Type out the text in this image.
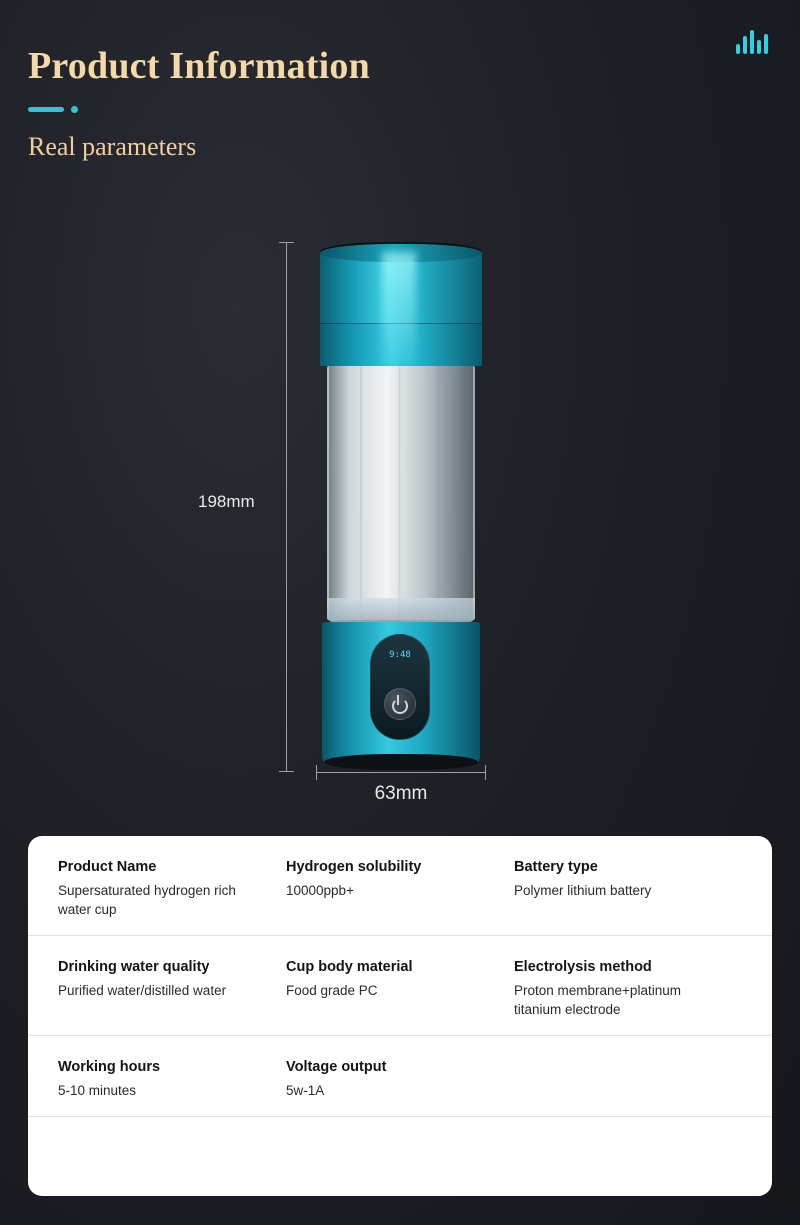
Product Information
Real parameters
198mm
9:48
63mm
Product Name
Supersaturated hydrogen rich water cup
Hydrogen solubility
10000ppb+
Battery type
Polymer lithium battery
Drinking water quality
Purified water/distilled water
Cup body material
Food grade PC
Electrolysis method
Proton membrane+platinum titanium electrode
Working hours
5-10 minutes
Voltage output
5w-1A
